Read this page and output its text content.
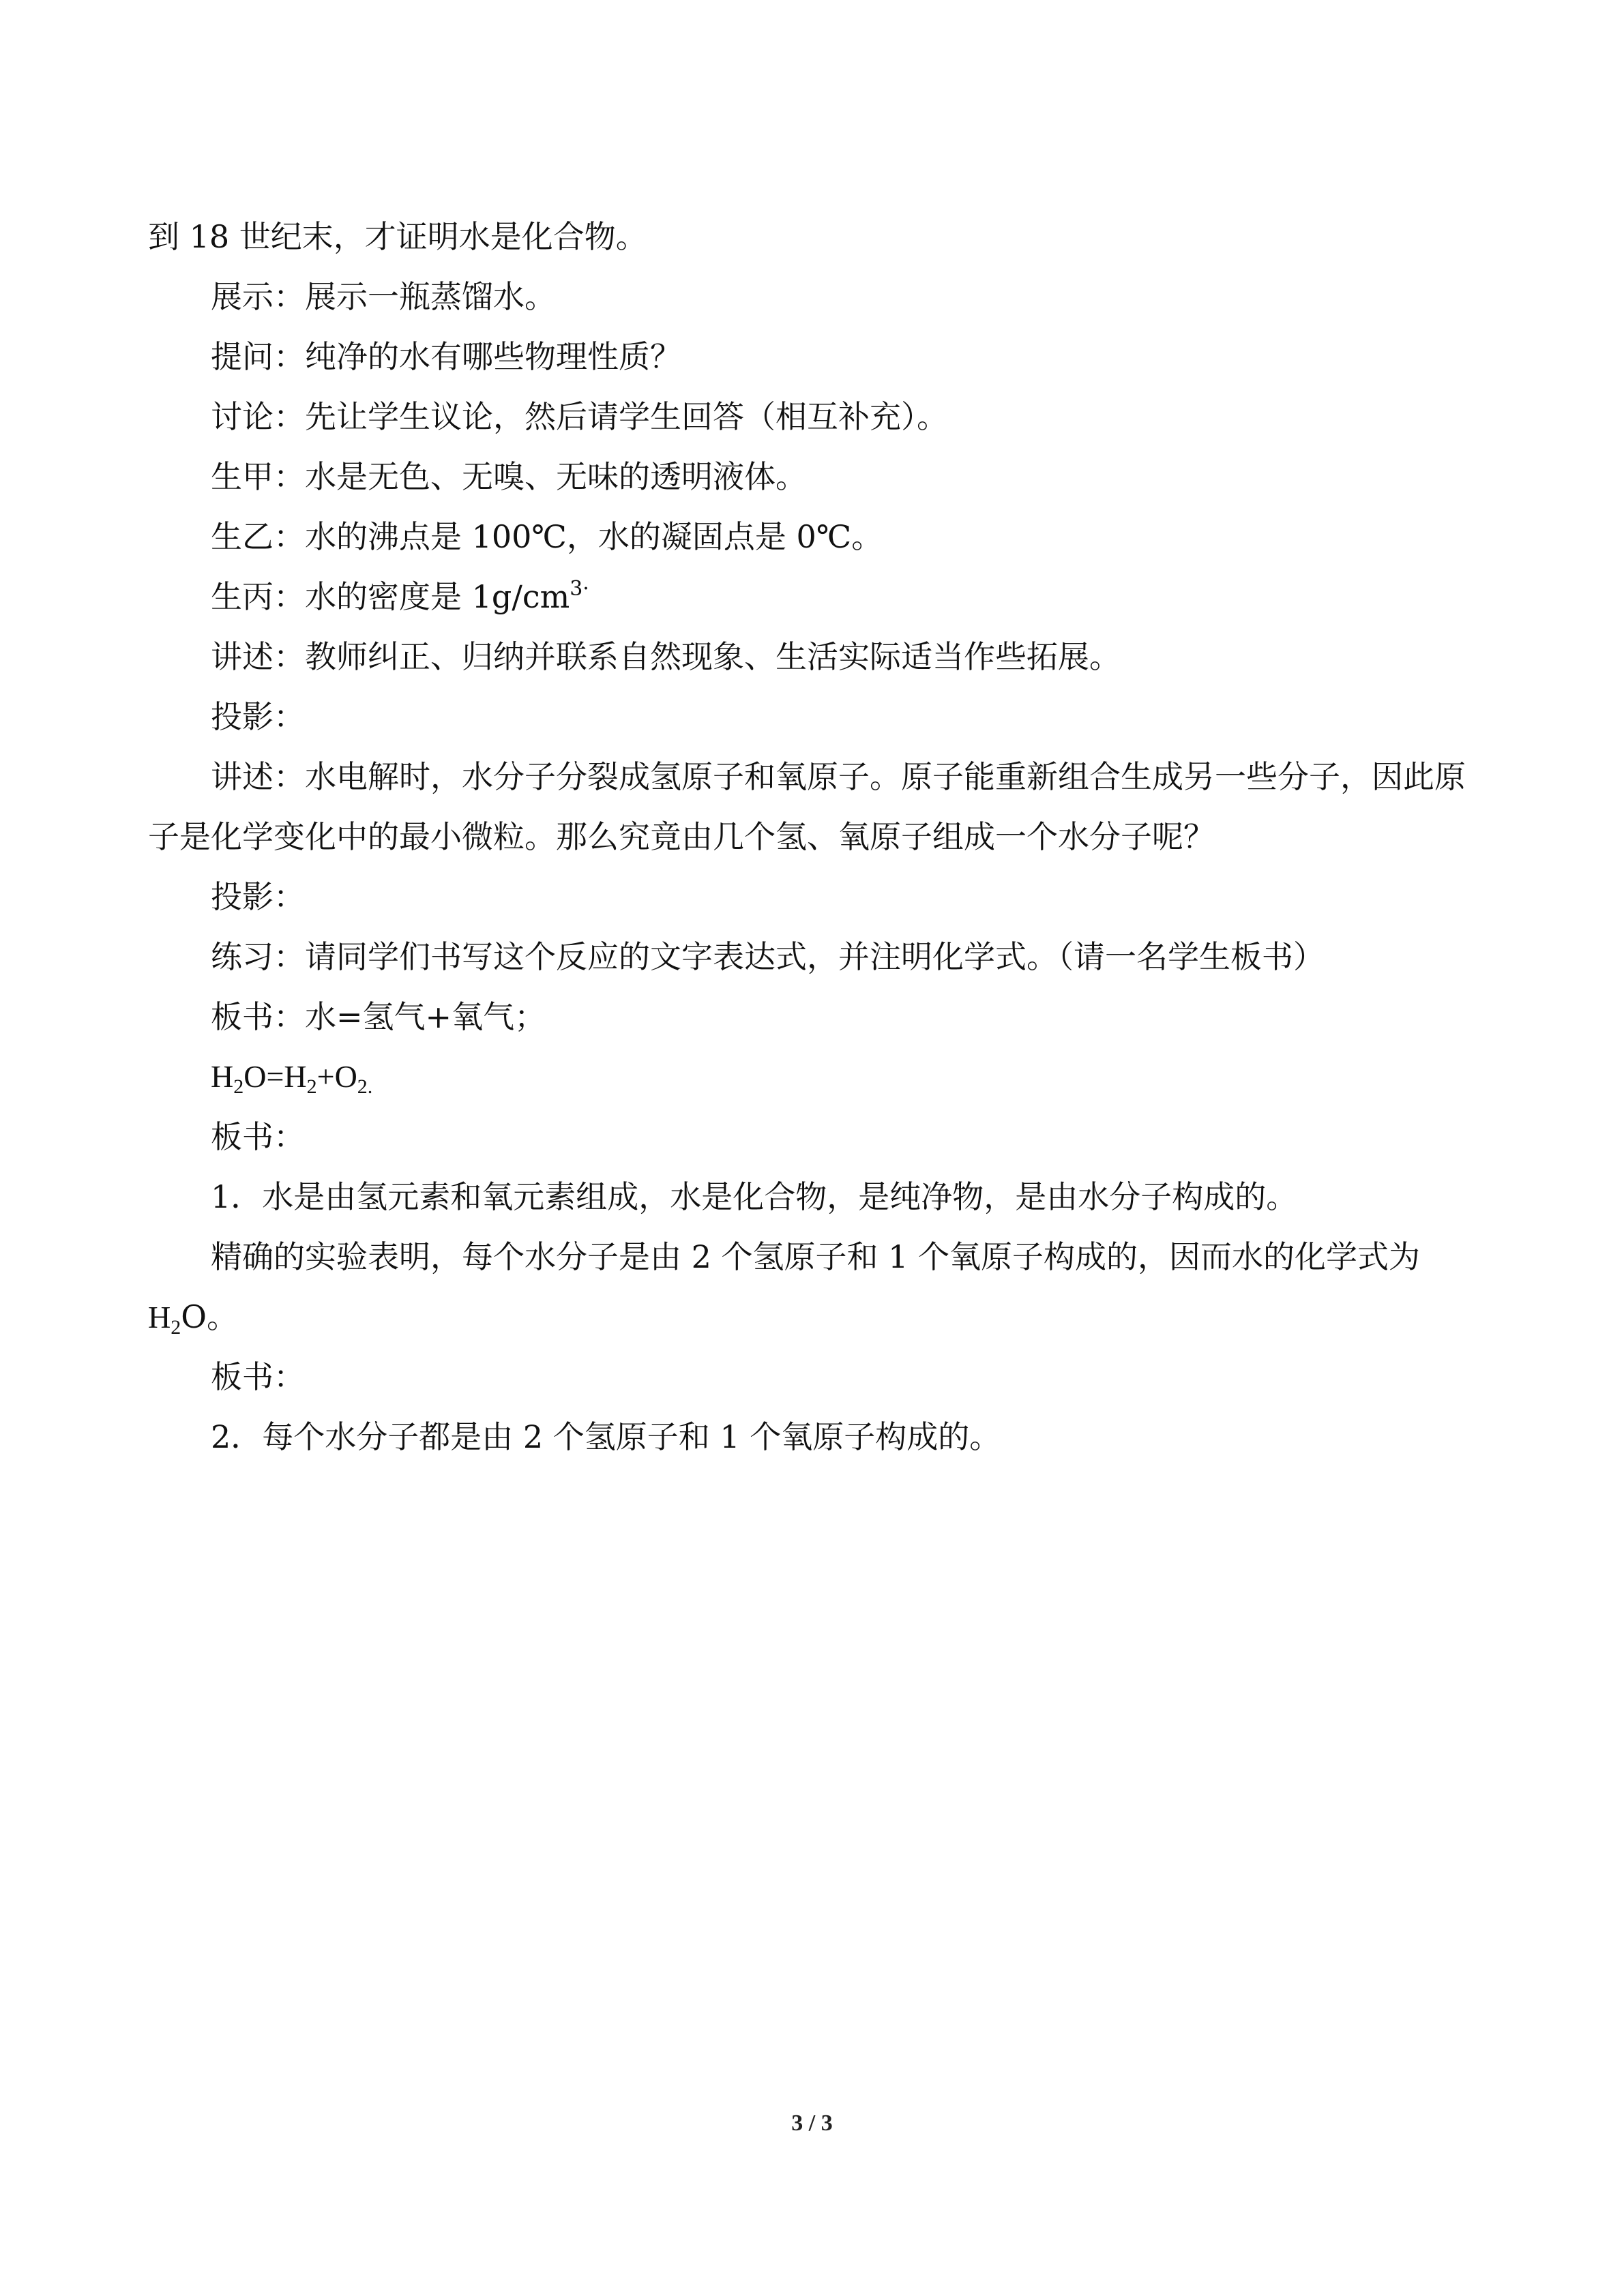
到 18 世纪末，才证明水是化合物。
展示：展示一瓶蒸馏水。
提问：纯净的水有哪些物理性质？
讨论：先让学生议论，然后请学生回答（相互补充）。
生甲：水是无色、无嗅、无味的透明液体。
生乙：水的沸点是 100℃，水的凝固点是 0℃。
生丙：水的密度是 $1g/cm^{3\cdot}$
讲述：教师纠正、归纳并联系自然现象、生活实际适当作些拓展。
投影：
讲述：水电解时，水分子分裂成氢原子和氧原子。原子能重新组合生成另一些分子，因此原子是化学变化中的最小微粒。那么究竟由几个氢、氧原子组成一个水分子呢？
投影：
练习：请同学们书写这个反应的文字表达式，并注明化学式。（请一名学生板书）
板书：水=氢气+氧气；
$H_2O=H_2+O_{2.}$
板书：
1．水是由氢元素和氧元素组成，水是化合物，是纯净物，是由水分子构成的。
精确的实验表明，每个水分子是由 2 个氢原子和 1 个氧原子构成的，因而水的化学式为
$H_2O$。
板书：
2．每个水分子都是由 2 个氢原子和 1 个氧原子构成的。
3 / 3
